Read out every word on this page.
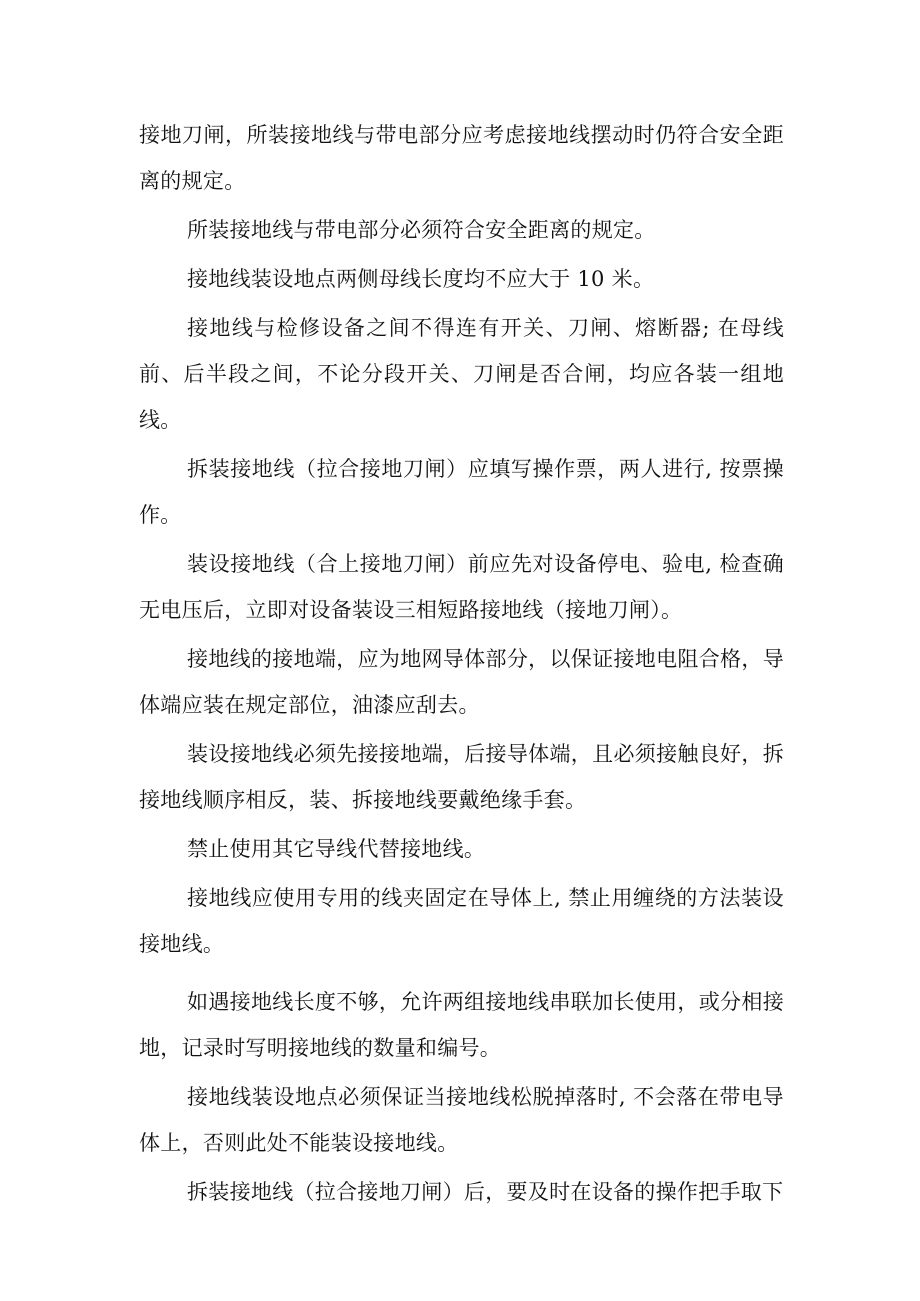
接地刀闸，所装接地线与带电部分应考虑接地线摆动时仍符合安全距离的规定。

所装接地线与带电部分必须符合安全距离的规定。

接地线装设地点两侧母线长度均不应大于 10 米。

接地线与检修设备之间不得连有开关、刀闸、熔断器; 在母线前、后半段之间，不论分段开关、刀闸是否合闸，均应各装一组地线。

拆装接地线（拉合接地刀闸）应填写操作票，两人进行, 按票操作。

装设接地线（合上接地刀闸）前应先对设备停电、验电, 检查确无电压后，立即对设备装设三相短路接地线（接地刀闸）。

接地线的接地端，应为地网导体部分，以保证接地电阻合格，导体端应装在规定部位，油漆应刮去。

装设接地线必须先接接地端，后接导体端，且必须接触良好，拆接地线顺序相反，装、拆接地线要戴绝缘手套。

禁止使用其它导线代替接地线。

接地线应使用专用的线夹固定在导体上, 禁止用缠绕的方法装设接地线。

如遇接地线长度不够，允许两组接地线串联加长使用，或分相接地，记录时写明接地线的数量和编号。

接地线装设地点必须保证当接地线松脱掉落时, 不会落在带电导体上，否则此处不能装设接地线。

拆装接地线（拉合接地刀闸）后，要及时在设备的操作把手取下
